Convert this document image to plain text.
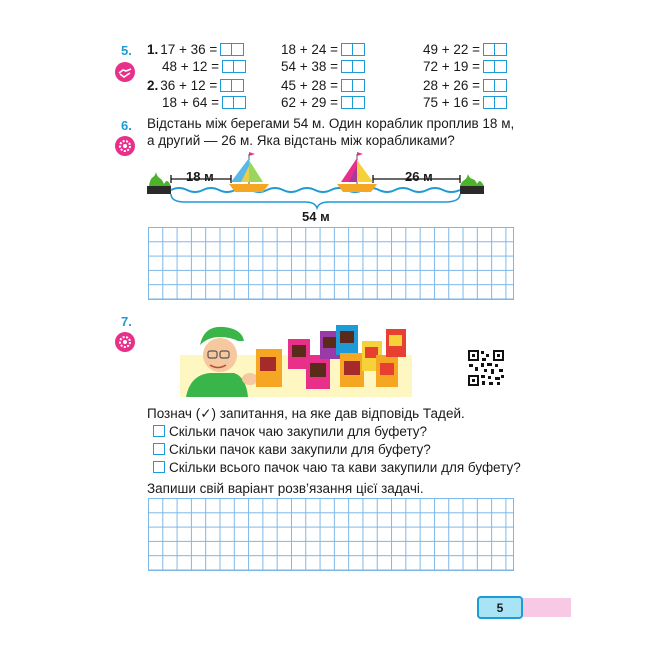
5. 1. 17 + 36 =
48 + 12 =
2. 36 + 12 =
18 + 64 =
18 + 24 =
54 + 38 =
45 + 28 =
62 + 29 =
49 + 22 =
72 + 19 =
28 + 26 =
75 + 16 =
6. Відстань між берегами 54 м. Один кораблик проплив 18 м,
а другий — 26 м. Яка відстань між корабликами?
18 м	26 м
54 м
7.
Познач (✓) запитання, на яке дав відповідь Тадей.
Скільки пачок чаю закупили для буфету?
Скільки пачок кави закупили для буфету?
Скільки всього пачок чаю та кави закупили для буфету?
Запиши свій варіант розв’язання цієї задачі.
5
